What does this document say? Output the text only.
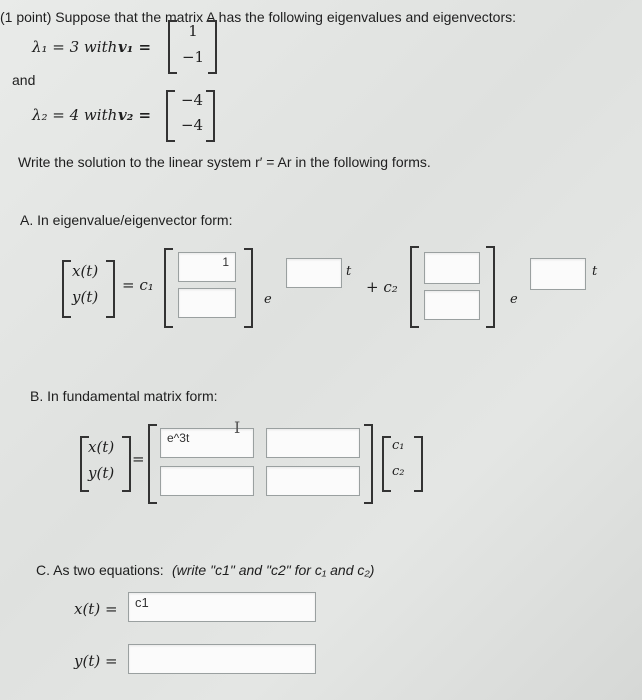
(1 point) Suppose that the matrix A has the following eigenvalues and eigenvectors:
λ₁ = 3 with v₁ =
1
−1
and
λ₂ = 4 with v₂ =
−4
−4
Write the solution to the linear system r′ = Ar in the following forms.
A. In eigenvalue/eigenvector form:
x(t)
y(t)
= c₁
1
e
t
+ c₂
e
t
B. In fundamental matrix form:
x(t)
y(t)
=
e^3t
I
c₁
c₂
C. As two equations: (write "c1" and "c2" for c₁ and c₂)
x(t) =	c1
y(t) =
